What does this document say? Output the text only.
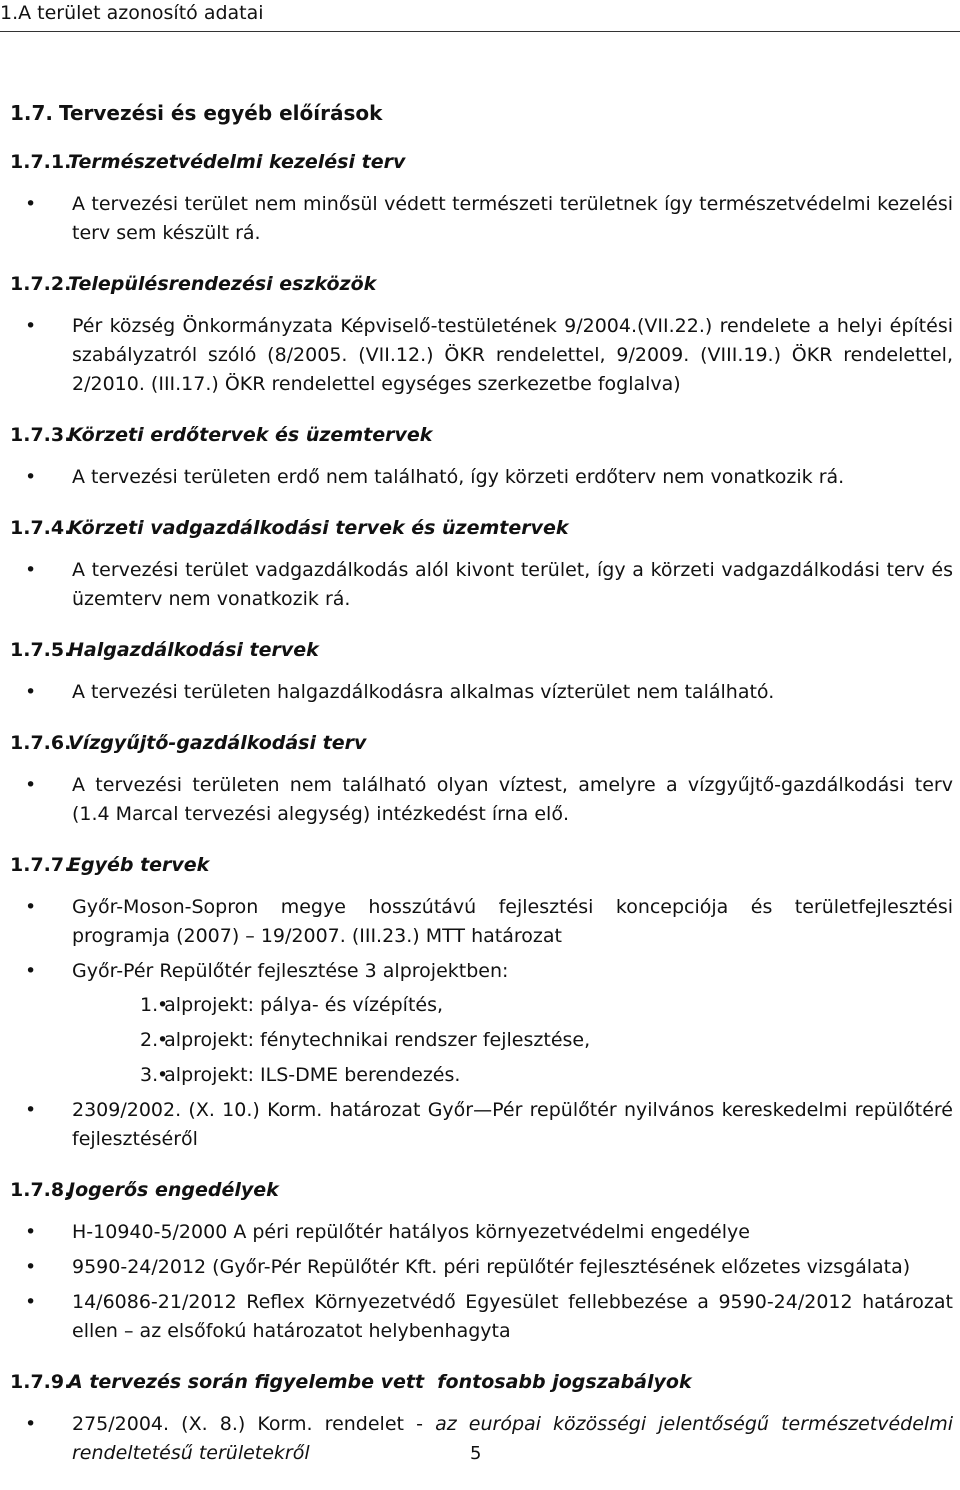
1.A terület azonosító adatai
1.7. Tervezési és egyéb előírások
1.7.1.Természetvédelmi kezelési terv
• A tervezési terület nem minősül védett természeti területnek így természetvédelmi kezelési terv sem készült rá.
1.7.2.Településrendezési eszközök
• Pér község Önkormányzata Képviselő-testületének 9/2004.(VII.22.) rendelete a helyi építési szabályzatról szóló (8/2005. (VII.12.) ÖKR rendelettel, 9/2009. (VIII.19.) ÖKR rendelettel, 2/2010. (III.17.) ÖKR rendelettel egységes szerkezetbe foglalva)
1.7.3.Körzeti erdőtervek és üzemtervek
• A tervezési területen erdő nem található, így körzeti erdőterv nem vonatkozik rá.
1.7.4.Körzeti vadgazdálkodási tervek és üzemtervek
• A tervezési terület vadgazdálkodás alól kivont terület, így a körzeti vadgazdálkodási terv és üzemterv nem vonatkozik rá.
1.7.5.Halgazdálkodási tervek
• A tervezési területen halgazdálkodásra alkalmas vízterület nem található.
1.7.6.Vízgyűjtő-gazdálkodási terv
• A tervezési területen nem található olyan víztest, amelyre a vízgyűjtő-gazdálkodási terv (1.4 Marcal tervezési alegység) intézkedést írna elő.
1.7.7.Egyéb tervek
• Győr-Moson-Sopron megye hosszútávú fejlesztési koncepciója és területfejlesztési programja (2007) – 19/2007. (III.23.) MTT határozat
• Győr-Pér Repülőtér fejlesztése 3 alprojektben:
• 1. alprojekt: pálya- és vízépítés,
• 2. alprojekt: fénytechnikai rendszer fejlesztése,
• 3. alprojekt: ILS-DME berendezés.
• 2309/2002. (X. 10.) Korm. határozat Győr—Pér repülőtér nyilvános kereskedelmi repülőtéré fejlesztéséről
1.7.8.Jogerős engedélyek
• H-10940-5/2000 A péri repülőtér hatályos környezetvédelmi engedélye
• 9590-24/2012 (Győr-Pér Repülőtér Kft. péri repülőtér fejlesztésének előzetes vizsgálata)
• 14/6086-21/2012 Reflex Környezetvédő Egyesület fellebbezése a 9590-24/2012 határozat ellen – az elsőfokú határozatot helybenhagyta
1.7.9.A tervezés során figyelembe vett  fontosabb jogszabályok
• 275/2004. (X. 8.) Korm. rendelet - az európai közösségi jelentőségű természetvédelmi rendeltetésű területekről	5
